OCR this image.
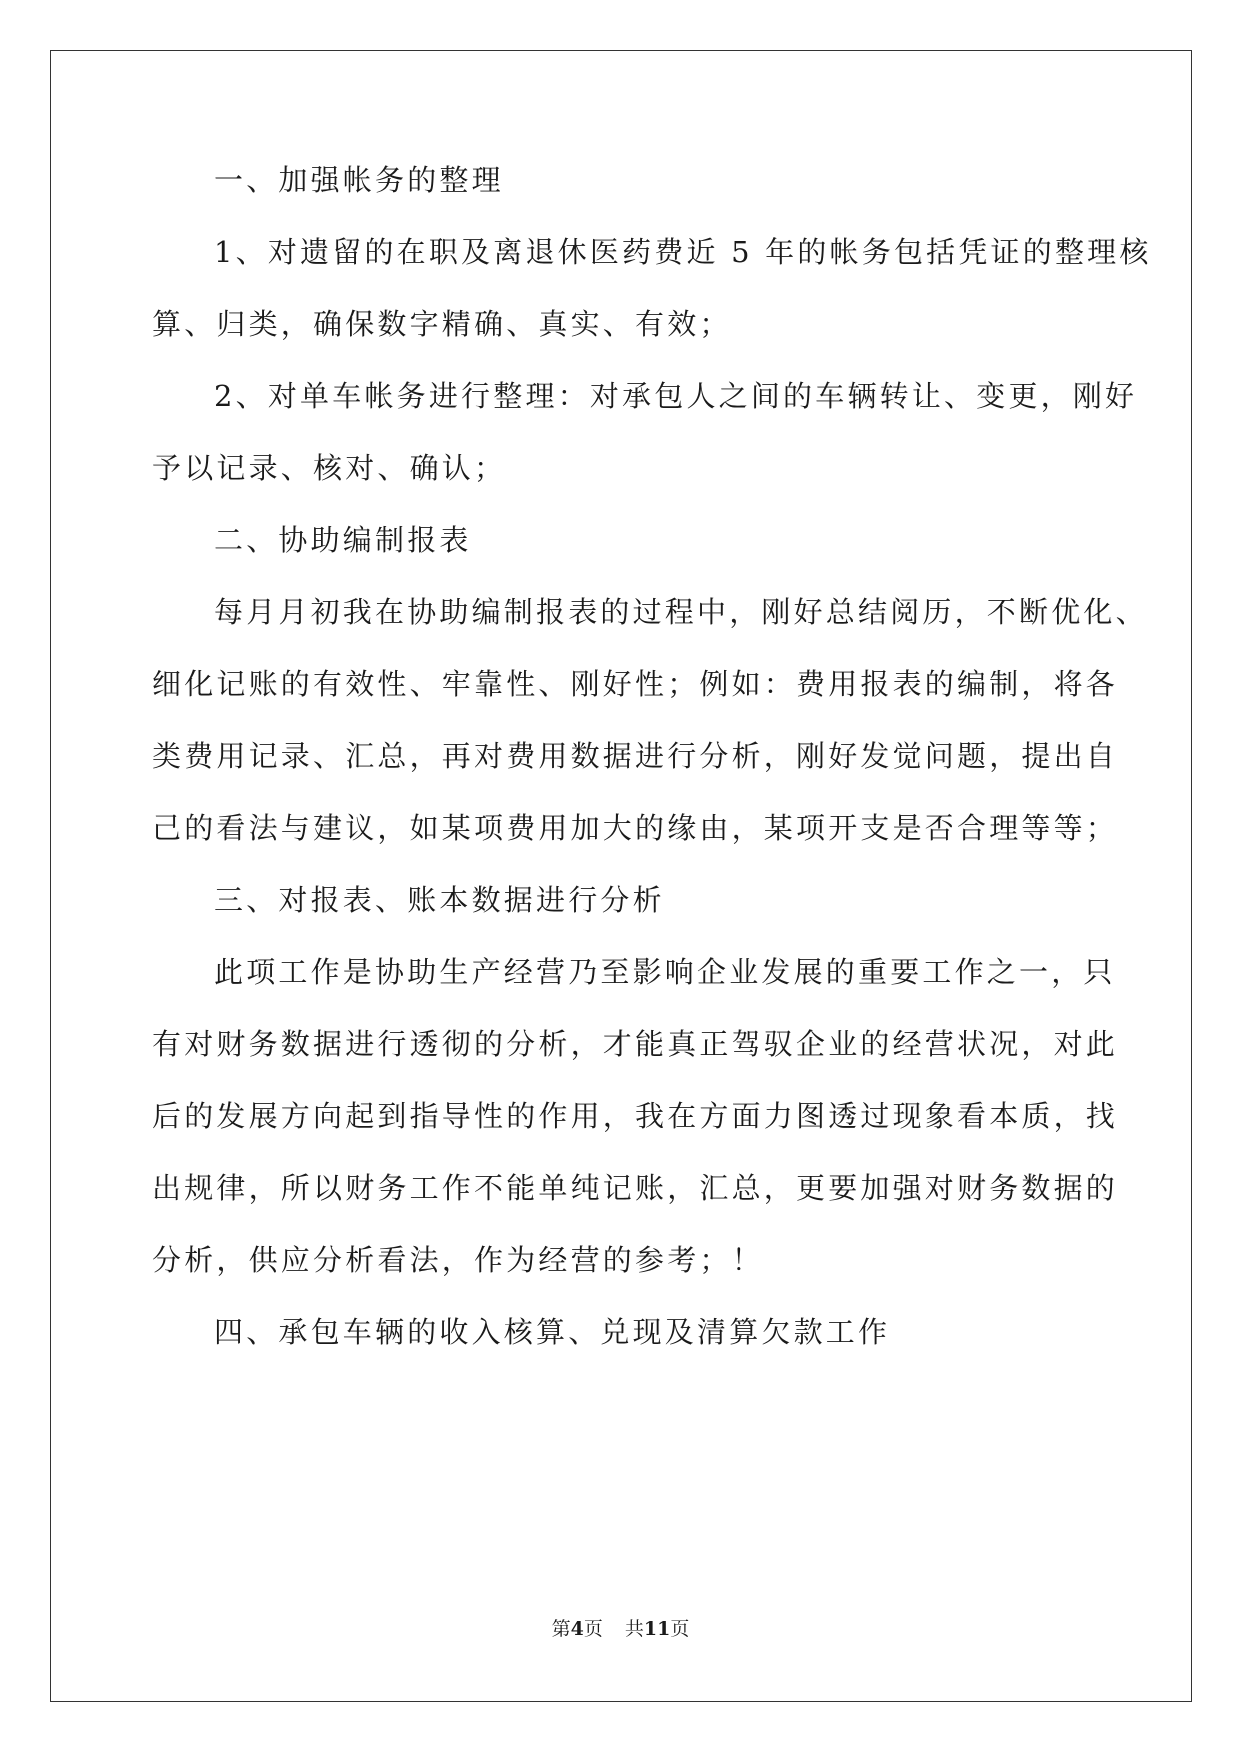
一、加强帐务的整理
1、对遗留的在职及离退休医药费近 5 年的帐务包括凭证的整理核
算、归类，确保数字精确、真实、有效；
2、对单车帐务进行整理：对承包人之间的车辆转让、变更，刚好
予以记录、核对、确认；
二、协助编制报表
每月月初我在协助编制报表的过程中，刚好总结阅历，不断优化、
细化记账的有效性、牢靠性、刚好性；例如：费用报表的编制，将各
类费用记录、汇总，再对费用数据进行分析，刚好发觉问题，提出自
己的看法与建议，如某项费用加大的缘由，某项开支是否合理等等；
三、对报表、账本数据进行分析
此项工作是协助生产经营乃至影响企业发展的重要工作之一，只
有对财务数据进行透彻的分析，才能真正驾驭企业的经营状况，对此
后的发展方向起到指导性的作用，我在方面力图透过现象看本质，找
出规律，所以财务工作不能单纯记账，汇总，更要加强对财务数据的
分析，供应分析看法，作为经营的参考；！
四、承包车辆的收入核算、兑现及清算欠款工作
第4页 共11页
